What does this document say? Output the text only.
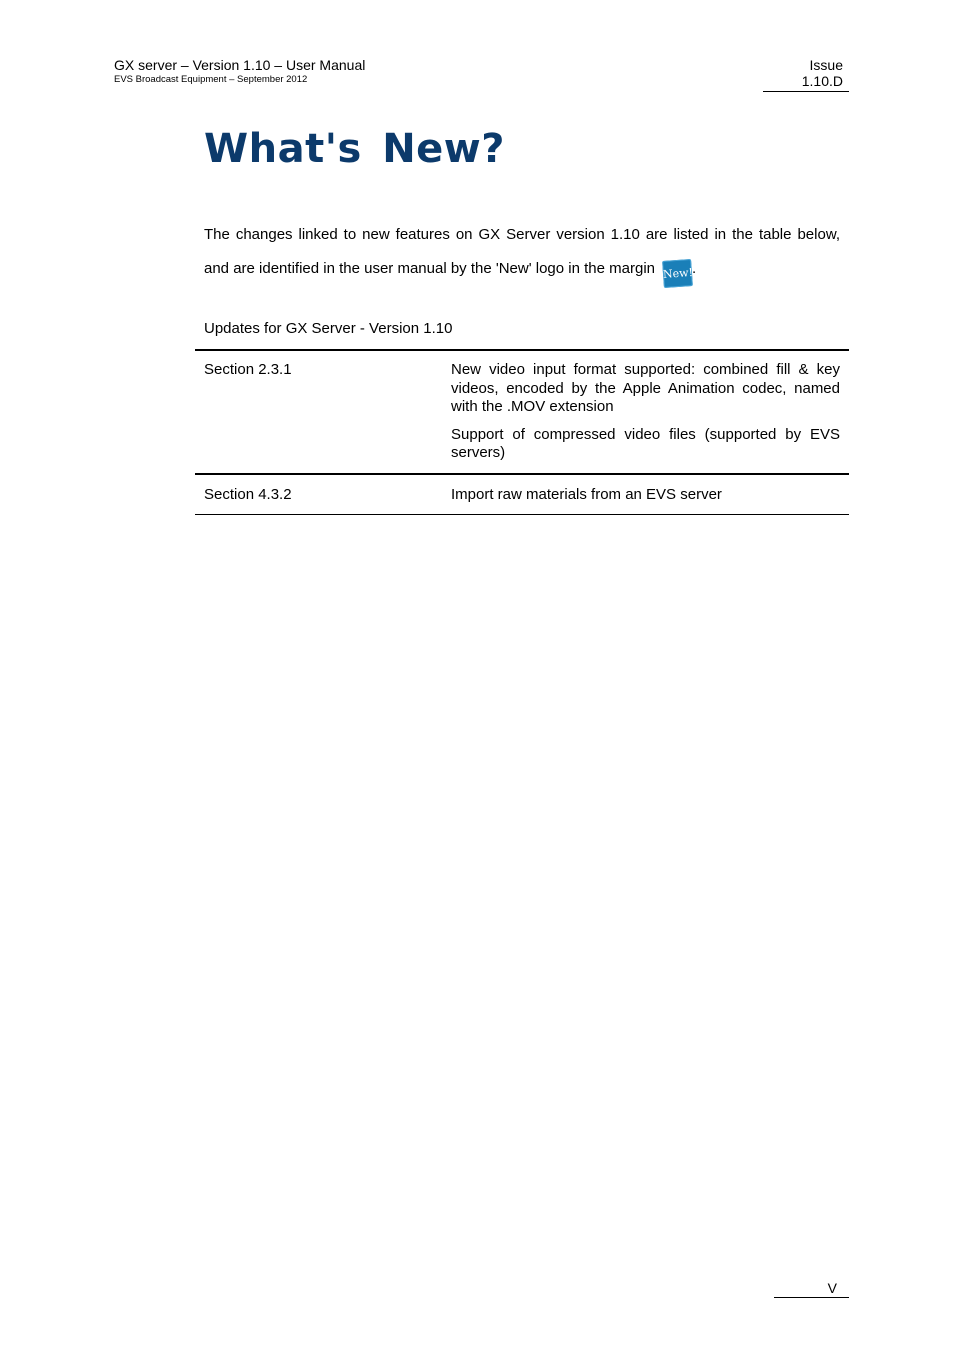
GX server – Version 1.10 – User Manual
EVS Broadcast Equipment – September 2012
Issue
1.10.D
What's New?

The changes linked to new features on GX Server version 1.10 are listed in the table below, and are identified in the user manual by the 'New' logo in the margin New!.

Updates for GX Server - Version 1.10
Section 2.3.1	New video input format supported: combined fill & key videos, encoded by the Apple Animation codec, named with the .MOV extension

Support of compressed video files (supported by EVS servers)

Section 4.3.2	Import raw materials from an EVS server

V
